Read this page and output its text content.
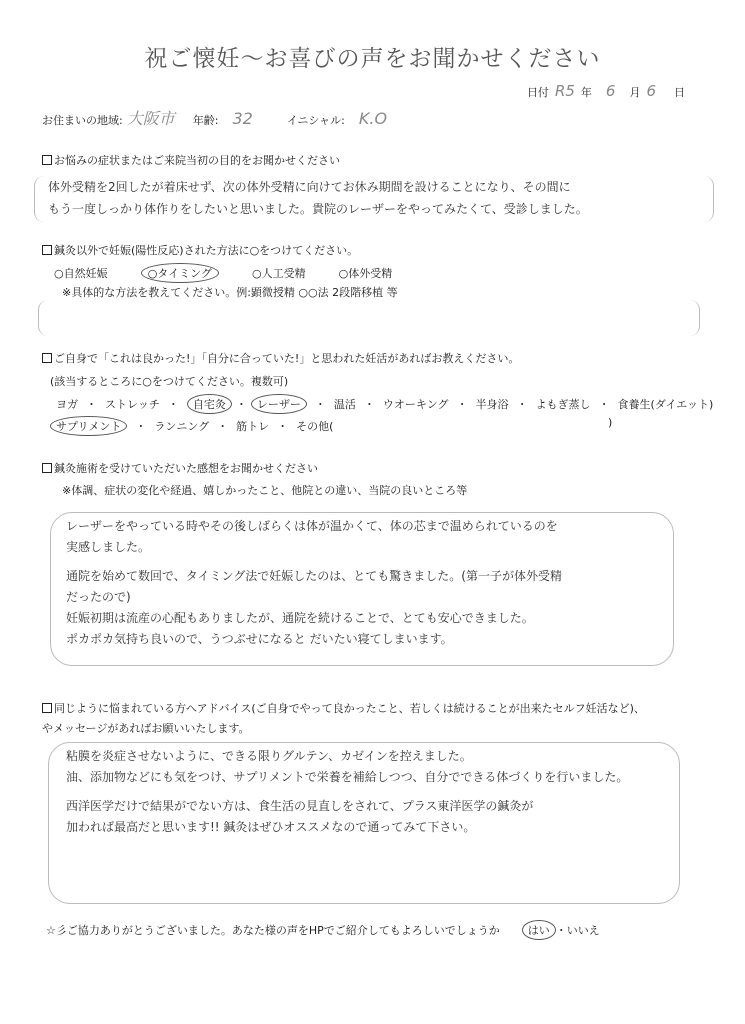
祝ご懐妊〜お喜びの声をお聞かせください
日付 R5 年 6 月 6 日
お住まいの地域: 大阪市 年齢: 32	イニシャル: K.O
お悩みの症状またはご来院当初の目的をお聞かせください
体外受精を2回したが着床せず、次の体外受精に向けてお休み期間を設けることになり、その間に
もう一度しっかり体作りをしたいと思いました。貴院のレーザーをやってみたくて、受診しました。
鍼灸以外で妊娠(陽性反応)された方法に○をつけてください。
○自然妊娠	○タイミング	○人工受精	○体外受精
※具体的な方法を教えてください。例:顕微授精 ○○法 2段階移植 等
ご自身で「これは良かった!」「自分に合っていた!」と思われた妊活があればお教えください。
(該当するところに○をつけてください。複数可)
ヨガ ・ ストレッチ ・	自宅灸 ・ レーザー	・ 温活 ・ ウオーキング ・ 半身浴 ・ よもぎ蒸し ・ 食養生(ダイエット)
サプリメント	・ ランニング ・ 筋トレ ・ その他(	)
鍼灸施術を受けていただいた感想をお聞かせください
※体調、症状の変化や経過、嬉しかったこと、他院との違い、当院の良いところ等
レーザーをやっている時やその後しばらくは体が温かくて、体の芯まで温められているのを
実感しました。
通院を始めて数回で、タイミング法で妊娠したのは、とても驚きました。(第一子が体外受精
だったので)
妊娠初期は流産の心配もありましたが、通院を続けることで、とても安心できました。
ポカポカ気持ち良いので、うつぶせになると だいたい寝てしまいます。
同じように悩まれている方へアドバイス(ご自身でやって良かったこと、若しくは続けることが出来たセルフ妊活など)、
やメッセージがあればお願いいたします。
粘膜を炎症させないように、できる限りグルテン、カゼインを控えました。
油、添加物などにも気をつけ、サプリメントで栄養を補給しつつ、自分でできる体づくりを行いました。
西洋医学だけで結果がでない方は、食生活の見直しをされて、プラス東洋医学の鍼灸が
加われば最高だと思います!! 鍼灸はぜひオススメなので通ってみて下さい。
☆彡ご協力ありがとうございました。あなた様の声をHPでご紹介してもよろしいでしょうか	はい ・ いいえ
